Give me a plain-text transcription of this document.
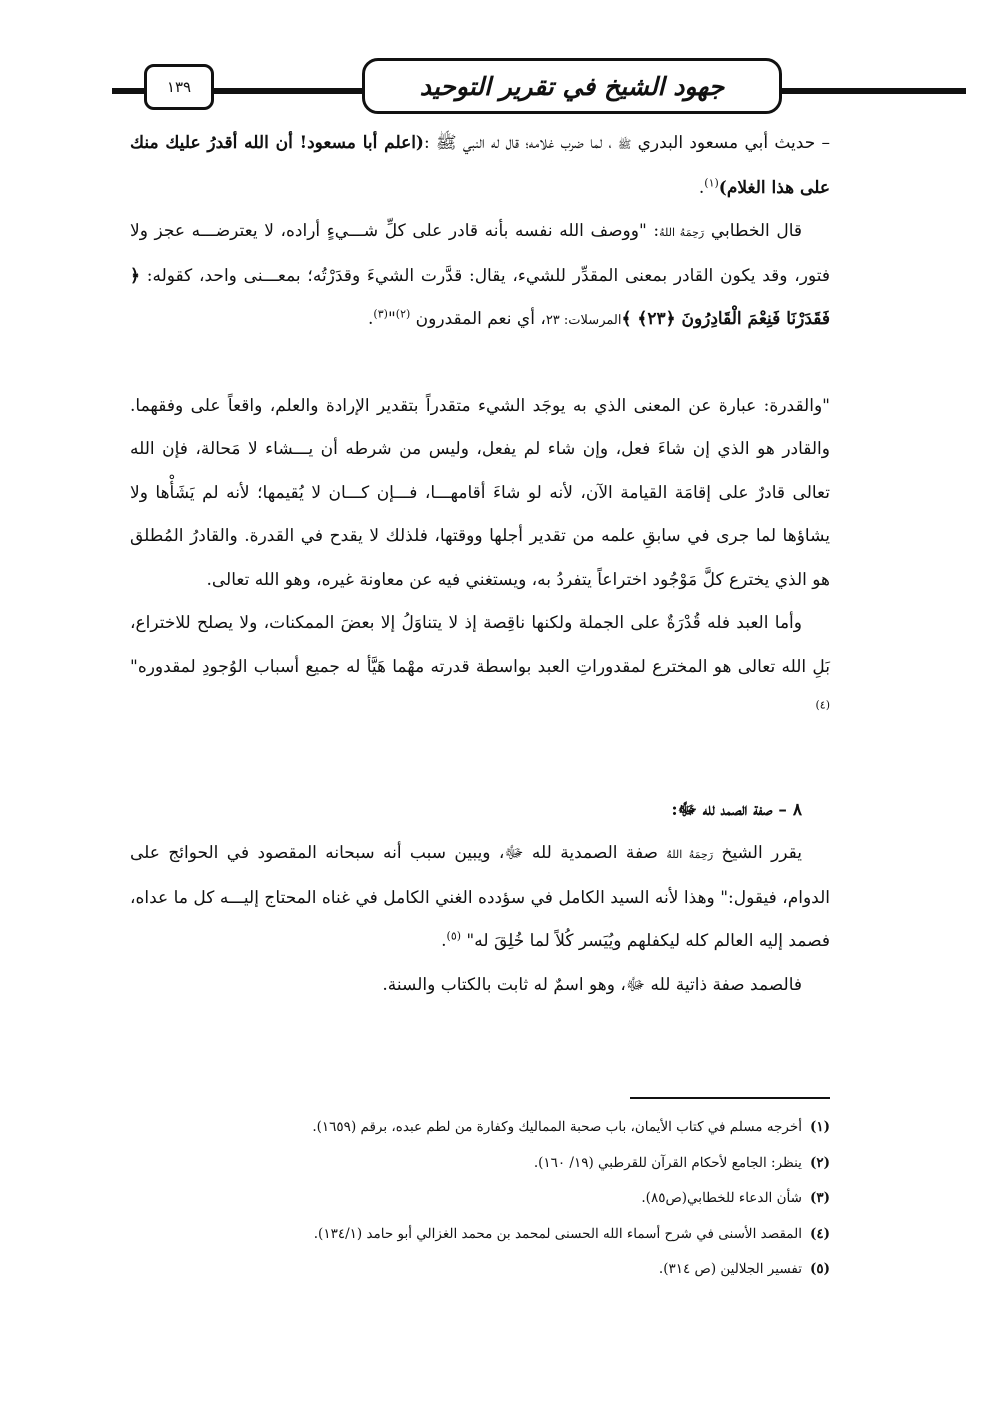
جهود الشيخ في تقرير التوحيد
١٣٩

– حديث أبي مسعود البدري ﷺ ، لما ضرب غلامه؛ قال له النبي ﷺ :(اعلم أبا مسعود! أن الله أقدرُ عليك منك على هذا الغلام)$^{(١)}$.

قال الخطابي رَحِمَهُ اللهُ: "ووصف الله نفسه بأنه قادر على كلِّ شـــيءٍ أراده، لا يعترضـــه عجز ولا فتور، وقد يكون القادر بمعنى المقدِّر للشيء، يقال: قدَّرت الشيءَ وقدَرْتُه؛ بمعـــنى واحد، كقوله: ﴿ فَقَدَرْنَا فَنِعْمَ الْقَادِرُونَ ﴿٢٣﴾ ﴾المرسلات: ٢٣، أي نعم المقدرون $^{(٢)}$"$^{(٣)}$.

"والقدرة: عبارة عن المعنى الذي به يوجَد الشيء متقدراً بتقدير الإرادة والعلم، واقعاً على وفقهما. والقادر هو الذي إن شاءَ فعل، وإن شاء لم يفعل، وليس من شرطه أن يـــشاء لا مَحالة، فإن الله تعالى قادرٌ على إقامَة القيامة الآن، لأنه لو شاءَ أقامهـــا، فـــإن كـــان لا يُقيمها؛ لأنه لم يَشَأْها ولا يشاؤها لما جرى في سابقِ علمه من تقدير أجلها ووقتها، فلذلك لا يقدح في القدرة. والقادرُ المُطلق هو الذي يخترع كلَّ مَوْجُود اختراعاً يتفردُ به، ويستغني فيه عن معاونة غيره، وهو الله تعالى.

وأما العبد فله قُدْرَةٌ على الجملة ولكنها ناقِصة إذ لا يتناوَلُ إلا بعضَ الممكنات، ولا يصلح للاختراع، بَلِ الله تعالى هو المخترع لمقدوراتِ العبد بواسطة قدرته مهْما هَيَّأ له جميع أسباب الوُجودِ لمقدوره"$^{(٤)}$

٨ – صفة الصمد لله ﷻ:

يقرر الشيخ رَحِمَهُ اللهُ صفة الصمدية لله ﷻ، ويبين سبب أنه سبحانه المقصود في الحوائج على الدوام، فيقول:" وهذا لأنه السيد الكامل في سؤدده الغني الكامل في غناه المحتاج إليـــه كل ما عداه، فصمد إليه العالم كله ليكفلهم ويُيَسر كُلاً لما خُلِقَ له" $^{(٥)}$.

فالصمد صفة ذاتية لله ﷻ، وهو اسمٌ له ثابت بالكتاب والسنة.

(١)أخرجه مسلم في كتاب الأيمان، باب صحبة المماليك وكفارة من لطم عبده، برقم (١٦٥٩).

(٢)ينظر: الجامع لأحكام القرآن للقرطبي (١٩/ ١٦٠).

(٣)شأن الدعاء للخطابي(ص٨٥).

(٤)المقصد الأسنى في شرح أسماء الله الحسنى لمحمد بن محمد الغزالي أبو حامد (١٣٤/١).

(٥)تفسير الجلالين (ص ٣١٤).
